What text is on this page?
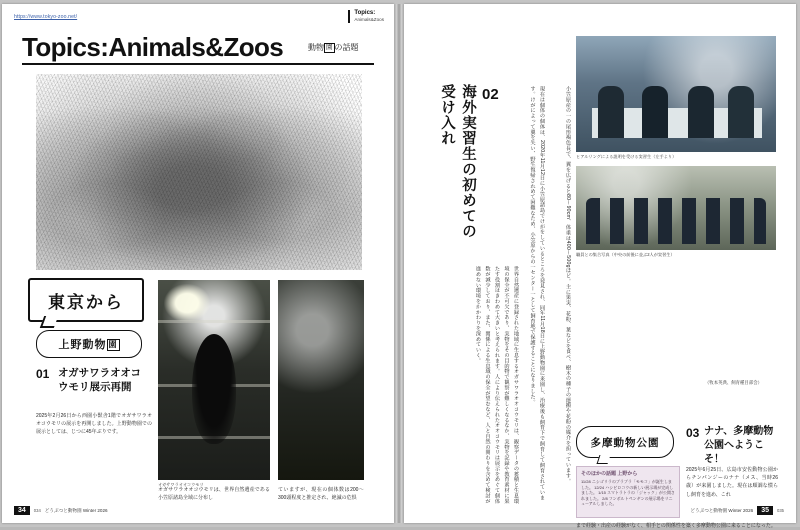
https://www.tokyo-zoo.net/
Topics:
Animals&Zoos
Topics:Animals&Zoos	動物 園 の話題
東京から
上野動物 園
01 オガサワラオオコウモリ展示再開
2025年2月26日から西園小獣舎1階でオガサワラオオコウモリの展示を再開しました。上野動物園での展示としては、じつに45年ぶりです。
オガサワラオオコウモリ
オガサワラオオコウモリは、世界自然遺産である小笠原諸島全域に分布し
ていますが、現在の個体数は200〜300頭程度と推定され、絶滅の危惧
34	034 どうぶつと動物園 Winter 2026
ヒアルリングによる説明を受ける実習生（左手より）
職員との集合写真（中央の前後に並ぶ2人が実習生）
02
海外実習生の初めての受け入れ	小笠原産の一の尾形褐色長で、翼を広げると80〜90cm、体重は400〜500gほど。主に果実、花粉、葉などを食べ、樹木の種子の運搬や花粉の媒介を担っています。
現在は個体の個体は、2020年11月12日に小笠原諸島でけがをしているところを発見され、同年11月18日に上野動物園に来園し、治療後も飼育下で飼育して飼育されています。けがによって翼を失い、野生復帰されめて困難なため、小笠原からの一センター一として飼育地で保護することになりました。
世界自然遺産に登録された地域に生息するオガサワラオオコウモリは、観察データの蓄積と生息環境の保全が不可欠であり、実物をその目的物で観察が難しくなるなか、実物を記録や教育素材に果たす役割はきわめて大きいと考えられます。人により伝えられたオオコウモリは展示をめぐて個体数が減少しており、また、関係による生息域の保全が望むなど、人と自然の関わりを含めて検討が進めない環境をかかわりを深めていく。
（牧本英典、飼育種目部会）
多摩動物公園
03 ナナ、多摩動物公園へようこそ！
そのほかの話題 上野から

11/28 ニシゴリラのブラブラ「モモコ」が誕生しました。 12/24 ハシビロコウの新しい展示場が完成しました。 1/15 スマトラトラの「ジャック」が公開されました。 2/8 フンボルトペンギンの展示場をリニューアルしました。

2025年6月25日、広島市安佐動物公園からチンパンジーのナナ（メス、当時26歳）が来園しました。現在は順調な慣らし飼育を進め、これ
まで経験・出産の経験がなく、相手との関係性を築く多摩動物公園に来ることになった。
どうぶつと動物園 Winter 2026	35	035
